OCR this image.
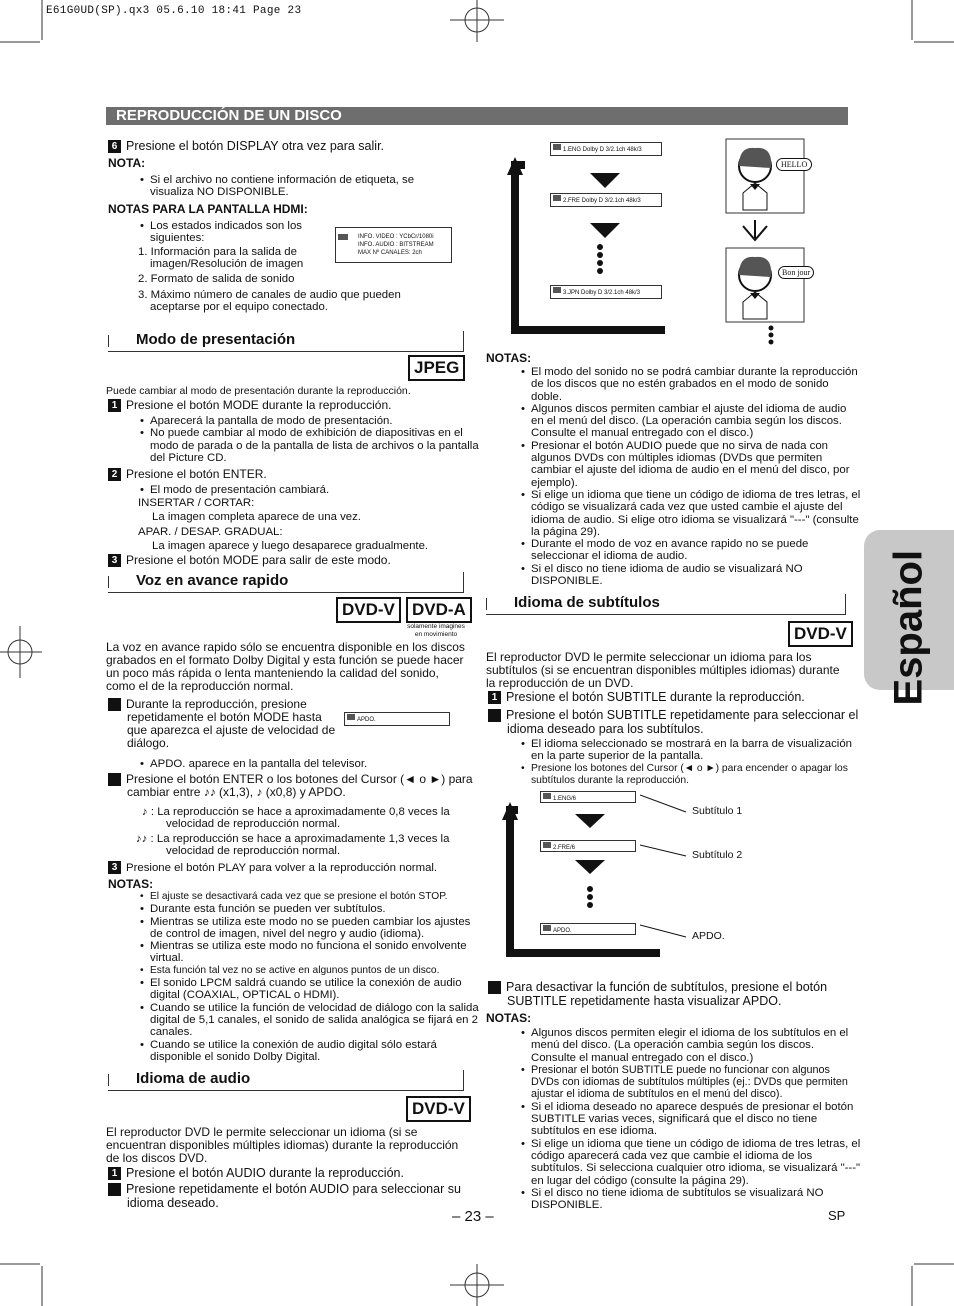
E61G0UD(SP).qx3 05.6.10 18:41 Page 23
REPRODUCCIÓN DE UN DISCO
Español
6 Presione el botón DISPLAY otra vez para salir.
NOTA:
• Si el archivo no contiene información de etiqueta, se visualiza NO DISPONIBLE.
NOTAS PARA LA PANTALLA HDMI:
• Los estados indicados son los siguientes:
1. Información para la salida de imagen/Resolución de imagen
2. Formato de salida de sonido
3. Máximo número de canales de audio que pueden aceptarse por el equipo conectado.
INFO. VIDEO : YCbCr/1080i
INFO. AUDIO : BITSTREAM
MAX Nº CANALES: 2ch
Modo de presentación
JPEG
Puede cambiar al modo de presentación durante la reproducción.
1 Presione el botón MODE durante la reproducción.
• Aparecerá la pantalla de modo de presentación.
• No puede cambiar al modo de exhibición de diapositivas en el modo de parada o de la pantalla de lista de archivos o la pantalla del Picture CD.
2 Presione el botón ENTER.
• El modo de presentación cambiará.
INSERTAR / CORTAR:
La imagen completa aparece de una vez.
APAR. / DESAP. GRADUAL:
La imagen aparece y luego desaparece gradualmente.
3 Presione el botón MODE para salir de este modo.
Voz en avance rapido
DVD-V	DVD-A
solamente imagines en movimiento
La voz en avance rapido sólo se encuentra disponible en los discos grabados en el formato Dolby Digital y esta función se puede hacer un poco más rápida o lenta manteniendo la calidad del sonido, como el de la reproducción normal.
1 Durante la reproducción, presione repetidamente el botón MODE hasta que aparezca el ajuste de velocidad de diálogo.
APDO.
• APDO. aparece en la pantalla del televisor.
2 Presione el botón ENTER o los botones del Cursor (◄ o ►) para cambiar entre ♪♪ (x1,3), ♪ (x0,8) y APDO.
♪ : La reproducción se hace a aproximadamente 0,8 veces la velocidad de reproducción normal.
♪♪ : La reproducción se hace a aproximadamente 1,3 veces la velocidad de reproducción normal.
3 Presione el botón PLAY para volver a la reproducción normal.
NOTAS:
• El ajuste se desactivará cada vez que se presione el botón STOP.
• Durante esta función se pueden ver subtítulos.
• Mientras se utiliza este modo no se pueden cambiar los ajustes de control de imagen, nivel del negro y audio (idioma).
• Mientras se utiliza este modo no funciona el sonido envolvente virtual.
• Esta función tal vez no se active en algunos puntos de un disco.
• El sonido LPCM saldrá cuando se utilice la conexión de audio digital (COAXIAL, OPTICAL o HDMI).
• Cuando se utilice la función de velocidad de diálogo con la salida digital de 5,1 canales, el sonido de salida analógica se fijará en 2 canales.
• Cuando se utilice la conexión de audio digital sólo estará disponible el sonido Dolby Digital.
Idioma de audio
DVD-V
El reproductor DVD le permite seleccionar un idioma (si se encuentran disponibles múltiples idiomas) durante la reproducción de los discos DVD.
1 Presione el botón AUDIO durante la reproducción.
2 Presione repetidamente el botón AUDIO para seleccionar su idioma deseado.
1.ENG Dolby D 3/2.1ch 48k/3
2.FRE Dolby D 3/2.1ch 48k/3
3.JPN Dolby D 3/2.1ch 48k/3
HELLO
Bon jour
NOTAS:
• El modo del sonido no se podrá cambiar durante la reproducción de los discos que no estén grabados en el modo de sonido doble.
• Algunos discos permiten cambiar el ajuste del idioma de audio en el menú del disco. (La operación cambia según los discos. Consulte el manual entregado con el disco.)
• Presionar el botón AUDIO puede que no sirva de nada con algunos DVDs con múltiples idiomas (DVDs que permiten cambiar el ajuste del idioma de audio en el menú del disco, por ejemplo).
• Si elige un idioma que tiene un código de idioma de tres letras, el código se visualizará cada vez que usted cambie el ajuste del idioma de audio. Si elige otro idioma se visualizará "---" (consulte la página 29).
• Durante el modo de voz en avance rapido no se puede seleccionar el idioma de audio.
• Si el disco no tiene idioma de audio se visualizará NO DISPONIBLE.
Idioma de subtítulos
DVD-V
El reproductor DVD le permite seleccionar un idioma para los subtítulos (si se encuentran disponibles múltiples idiomas) durante la reproducción de un DVD.
1 Presione el botón SUBTITLE durante la reproducción.
2 Presione el botón SUBTITLE repetidamente para seleccionar el idioma deseado para los subtítulos.
• El idioma seleccionado se mostrará en la barra de visualización en la parte superior de la pantalla.
• Presione los botones del Cursor (◄ o ►) para encender o apagar los subtítulos durante la reproducción.
1.ENG/6
2.FRE/6
APDO.
Subtítulo 1
Subtítulo 2
APDO.
3 Para desactivar la función de subtítulos, presione el botón SUBTITLE repetidamente hasta visualizar APDO.
NOTAS:
• Algunos discos permiten elegir el idioma de los subtítulos en el menú del disco. (La operación cambia según los discos. Consulte el manual entregado con el disco.)
• Presionar el botón SUBTITLE puede no funcionar con algunos DVDs con idiomas de subtítulos múltiples (ej.: DVDs que permiten ajustar el idioma de subtítulos en el menú del disco).
• Si el idioma deseado no aparece después de presionar el botón SUBTITLE varias veces, significará que el disco no tiene subtítulos en ese idioma.
• Si elige un idioma que tiene un código de idioma de tres letras, el código aparecerá cada vez que cambie el idioma de los subtítulos. Si selecciona cualquier otro idioma, se visualizará "---" en lugar del código (consulte la página 29).
• Si el disco no tiene idioma de subtítulos se visualizará NO DISPONIBLE.
– 23 –	SP
